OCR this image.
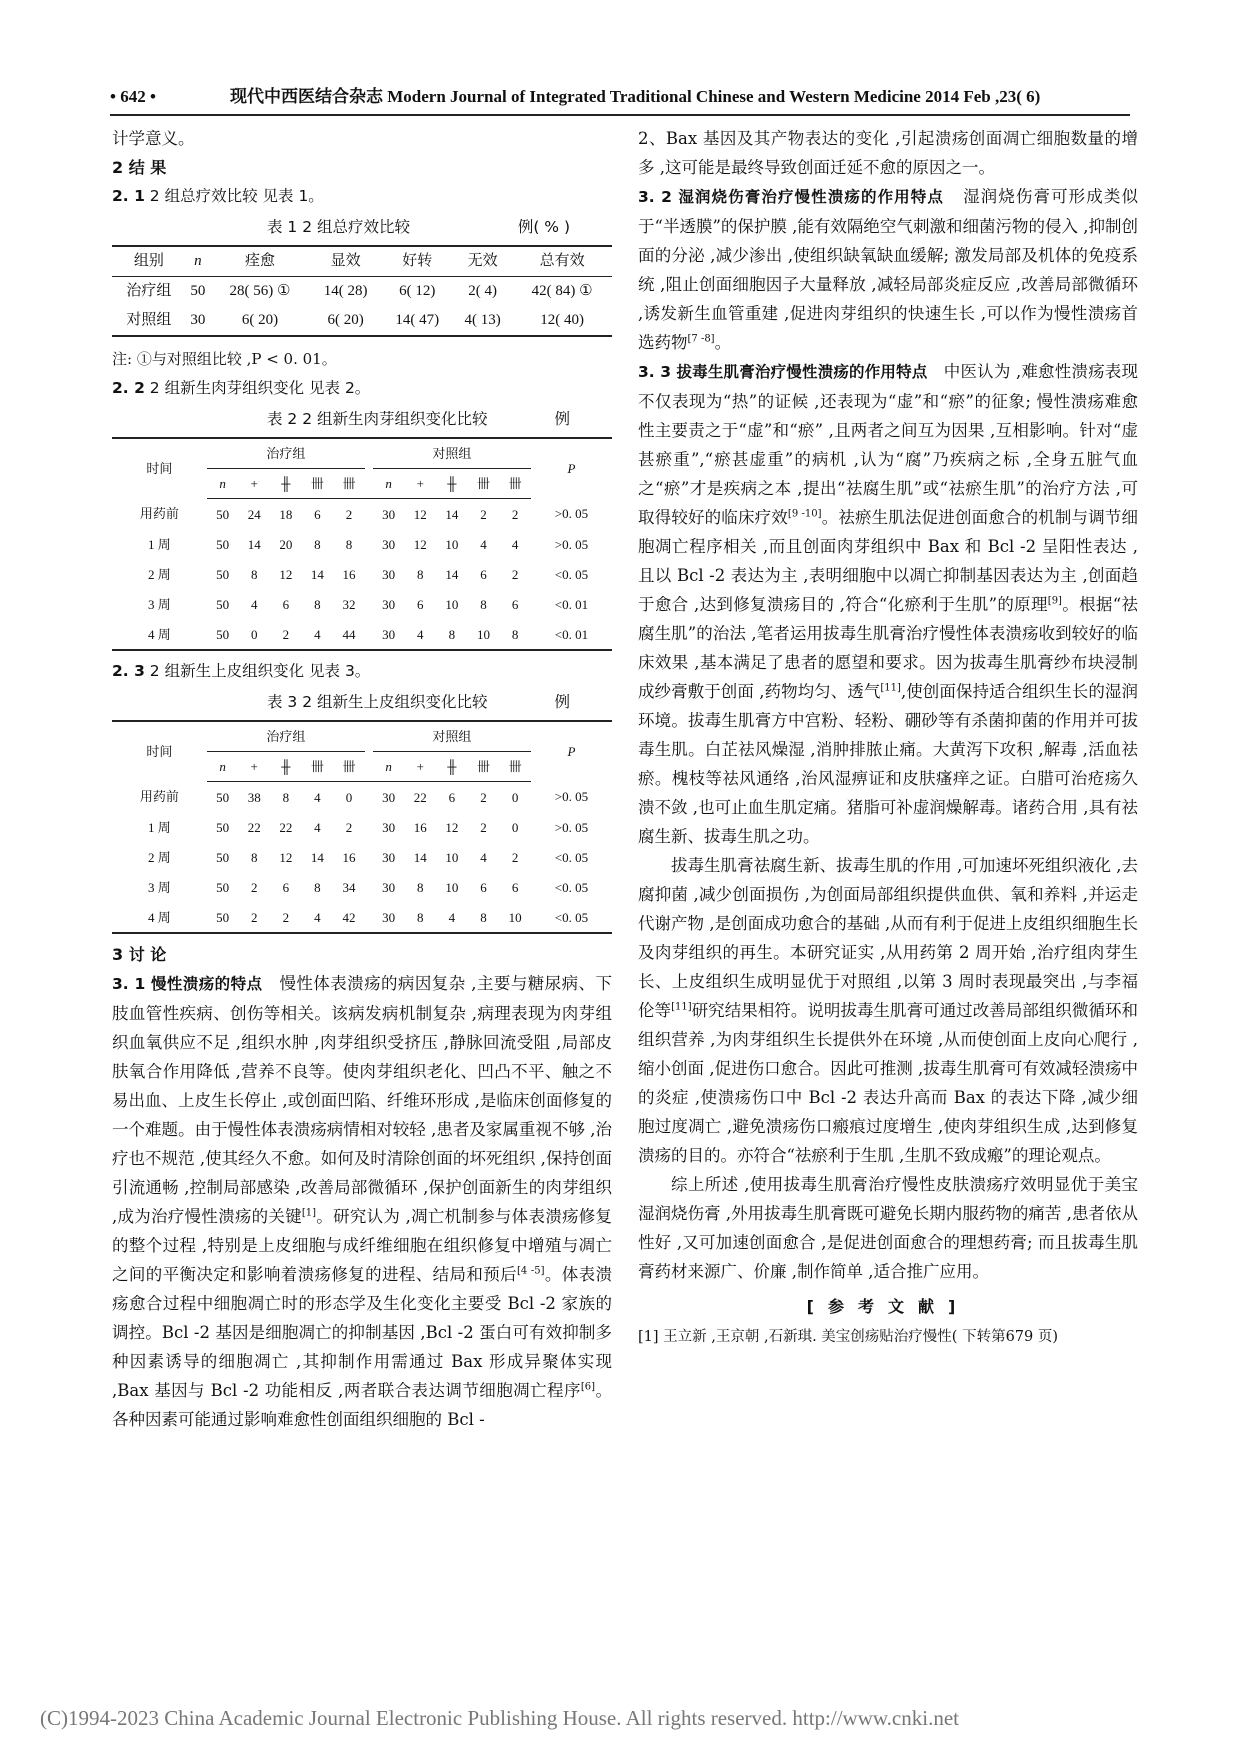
• 642 •	现代中西医结合杂志 Modern Journal of Integrated Traditional Chinese and Western Medicine 2014 Feb ,23( 6)

计学意义。

2 结 果

2. 1 2 组总疗效比较 见表 1。

表 1 2 组总疗效比较	例( % )
组别	n	痊愈	显效	好转	无效	总有效
治疗组	50	28( 56) ①	14( 28)	6( 12)	2( 4)	42( 84) ①
对照组	30	6( 20)	6( 20)	14( 47)	4( 13)	12( 40)

注: ①与对照组比较 ,P < 0. 01。

2. 2 2 组新生肉芽组织变化 见表 2。

表 2 2 组新生肉芽组织变化比较	例
时间	治疗组						对照组					P
	n	+	╫	卌	卌		n	+	╫	卌	卌	
用药前	50	24	18	6	2		30	12	14	2	2	>0. 05
1 周	50	14	20	8	8		30	12	10	4	4	>0. 05
2 周	50	8	12	14	16		30	8	14	6	2	<0. 05
3 周	50	4	6	8	32		30	6	10	8	6	<0. 01
4 周	50	0	2	4	44		30	4	8	10	8	<0. 01

2. 3 2 组新生上皮组织变化 见表 3。

表 3 2 组新生上皮组织变化比较	例
时间	治疗组						对照组					P
	n	+	╫	卌	卌		n	+	╫	卌	卌	
用药前	50	38	8	4	0		30	22	6	2	0	>0. 05
1 周	50	22	22	4	2		30	16	12	2	0	>0. 05
2 周	50	8	12	14	16		30	14	10	4	2	<0. 05
3 周	50	2	6	8	34		30	8	10	6	6	<0. 05
4 周	50	2	2	4	42		30	8	4	8	10	<0. 05

3 讨 论

3. 1 慢性溃疡的特点 慢性体表溃疡的病因复杂 ,主要与糖尿病、下肢血管性疾病、创伤等相关。该病发病机制复杂 ,病理表现为肉芽组织血氧供应不足 ,组织水肿 ,肉芽组织受挤压 ,静脉回流受阻 ,局部皮肤氧合作用降低 ,营养不良等。使肉芽组织老化、凹凸不平、触之不易出血、上皮生长停止 ,或创面凹陷、纤维环形成 ,是临床创面修复的一个难题。由于慢性体表溃疡病情相对较轻 ,患者及家属重视不够 ,治疗也不规范 ,使其经久不愈。如何及时清除创面的坏死组织 ,保持创面引流通畅 ,控制局部感染 ,改善局部微循环 ,保护创面新生的肉芽组织 ,成为治疗慢性溃疡的关键[1]。研究认为 ,凋亡机制参与体表溃疡修复的整个过程 ,特别是上皮细胞与成纤维细胞在组织修复中增殖与凋亡之间的平衡决定和影响着溃疡修复的进程、结局和预后[4 -5]。体表溃疡愈合过程中细胞凋亡时的形态学及生化变化主要受 Bcl -2 家族的调控。Bcl -2 基因是细胞凋亡的抑制基因 ,Bcl -2 蛋白可有效抑制多种因素诱导的细胞凋亡 ,其抑制作用需通过 Bax 形成异聚体实现 ,Bax 基因与 Bcl -2 功能相反 ,两者联合表达调节细胞凋亡程序[6]。各种因素可能通过影响难愈性创面组织细胞的 Bcl -

2、Bax 基因及其产物表达的变化 ,引起溃疡创面凋亡细胞数量的增多 ,这可能是最终导致创面迁延不愈的原因之一。

3. 2 湿润烧伤膏治疗慢性溃疡的作用特点 湿润烧伤膏可形成类似于“半透膜”的保护膜 ,能有效隔绝空气刺激和细菌污物的侵入 ,抑制创面的分泌 ,减少渗出 ,使组织缺氧缺血缓解; 激发局部及机体的免疫系统 ,阻止创面细胞因子大量释放 ,减轻局部炎症反应 ,改善局部微循环 ,诱发新生血管重建 ,促进肉芽组织的快速生长 ,可以作为慢性溃疡首选药物[7 -8]。

3. 3 拔毒生肌膏治疗慢性溃疡的作用特点 中医认为 ,难愈性溃疡表现不仅表现为“热”的证候 ,还表现为“虚”和“瘀”的征象; 慢性溃疡难愈性主要责之于“虚”和“瘀” ,且两者之间互为因果 ,互相影响。针对“虚甚瘀重”,“瘀甚虚重”的病机 ,认为“腐”乃疾病之标 ,全身五脏气血之“瘀”才是疾病之本 ,提出“祛腐生肌”或“祛瘀生肌”的治疗方法 ,可取得较好的临床疗效[9 -10]。祛瘀生肌法促进创面愈合的机制与调节细胞凋亡程序相关 ,而且创面肉芽组织中 Bax 和 Bcl -2 呈阳性表达 ,且以 Bcl -2 表达为主 ,表明细胞中以凋亡抑制基因表达为主 ,创面趋于愈合 ,达到修复溃疡目的 ,符合“化瘀利于生肌”的原理[9]。根据“祛腐生肌”的治法 ,笔者运用拔毒生肌膏治疗慢性体表溃疡收到较好的临床效果 ,基本满足了患者的愿望和要求。因为拔毒生肌膏纱布块浸制成纱膏敷于创面 ,药物均匀、透气[11],使创面保持适合组织生长的湿润环境。拔毒生肌膏方中宫粉、轻粉、硼砂等有杀菌抑菌的作用并可拔毒生肌。白芷祛风燥湿 ,消肿排脓止痛。大黄泻下攻积 ,解毒 ,活血祛瘀。槐枝等祛风通络 ,治风湿痹证和皮肤瘙痒之证。白腊可治疮疡久溃不敛 ,也可止血生肌定痛。猪脂可补虚润燥解毒。诸药合用 ,具有祛腐生新、拔毒生肌之功。

拔毒生肌膏祛腐生新、拔毒生肌的作用 ,可加速坏死组织液化 ,去腐抑菌 ,减少创面损伤 ,为创面局部组织提供血供、氧和养料 ,并运走代谢产物 ,是创面成功愈合的基础 ,从而有利于促进上皮组织细胞生长及肉芽组织的再生。本研究证实 ,从用药第 2 周开始 ,治疗组肉芽生长、上皮组织生成明显优于对照组 ,以第 3 周时表现最突出 ,与李福伦等[11]研究结果相符。说明拔毒生肌膏可通过改善局部组织微循环和组织营养 ,为肉芽组织生长提供外在环境 ,从而使创面上皮向心爬行 ,缩小创面 ,促进伤口愈合。因此可推测 ,拔毒生肌膏可有效减轻溃疡中的炎症 ,使溃疡伤口中 Bcl -2 表达升高而 Bax 的表达下降 ,减少细胞过度凋亡 ,避免溃疡伤口瘢痕过度增生 ,使肉芽组织生成 ,达到修复溃疡的目的。亦符合“祛瘀利于生肌 ,生肌不致成瘢”的理论观点。

综上所述 ,使用拔毒生肌膏治疗慢性皮肤溃疡疗效明显优于美宝湿润烧伤膏 ,外用拔毒生肌膏既可避免长期内服药物的痛苦 ,患者依从性好 ,又可加速创面愈合 ,是促进创面愈合的理想药膏; 而且拔毒生肌膏药材来源广、价廉 ,制作简单 ,适合推广应用。

[参考文献]

[1] 王立新 ,王京朝 ,石新琪. 美宝创疡贴治疗慢性( 下转第679 页)

(C)1994-2023 China Academic Journal Electronic Publishing House. All rights reserved. http://www.cnki.net
